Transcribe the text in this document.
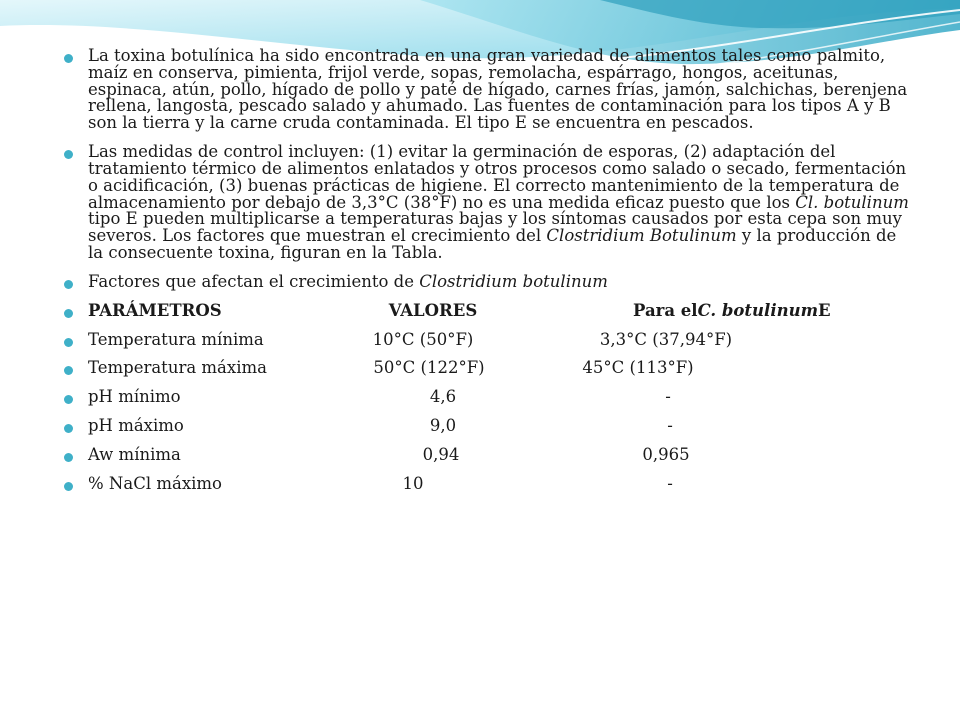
La toxina botulínica ha sido encontrada en una gran variedad de alimentos tales como palmito, maíz en conserva, pimienta, frijol verde, sopas, remolacha, espárrago, hongos, aceitunas, espinaca, atún, pollo, hígado de pollo y paté de hígado, carnes frías, jamón, salchichas, berenjena rellena, langosta, pescado salado y ahumado. Las fuentes de contaminación para los tipos A y B son la tierra y la carne cruda contaminada. El tipo E se encuentra en pescados.
Las medidas de control incluyen: (1) evitar la germinación de esporas, (2) adaptación del tratamiento térmico de alimentos enlatados y otros procesos como salado o secado, fermentación o acidificación, (3) buenas prácticas de higiene. El correcto mantenimiento de la temperatura de almacenamiento por debajo de 3,3°C (38°F) no es una medida eficaz puesto que los Cl. botulinum tipo E pueden multiplicarse a temperaturas bajas y los síntomas causados por esta cepa son muy severos. Los factores que muestran el crecimiento del Clostridium Botulinum y la producción de la consecuente toxina, figuran en la Tabla.
Factores que afectan el crecimiento de Clostridium botulinum
PARÁMETROS	VALORES	Para elC. botulinumE
Temperatura mínima	10°C (50°F)	3,3°C (37,94°F)
Temperatura máxima	50°C (122°F)	45°C (113°F)
pH mínimo	4,6	-
pH máximo	9,0	-
Aw mínima	0,94	0,965
% NaCl máximo	10	-
